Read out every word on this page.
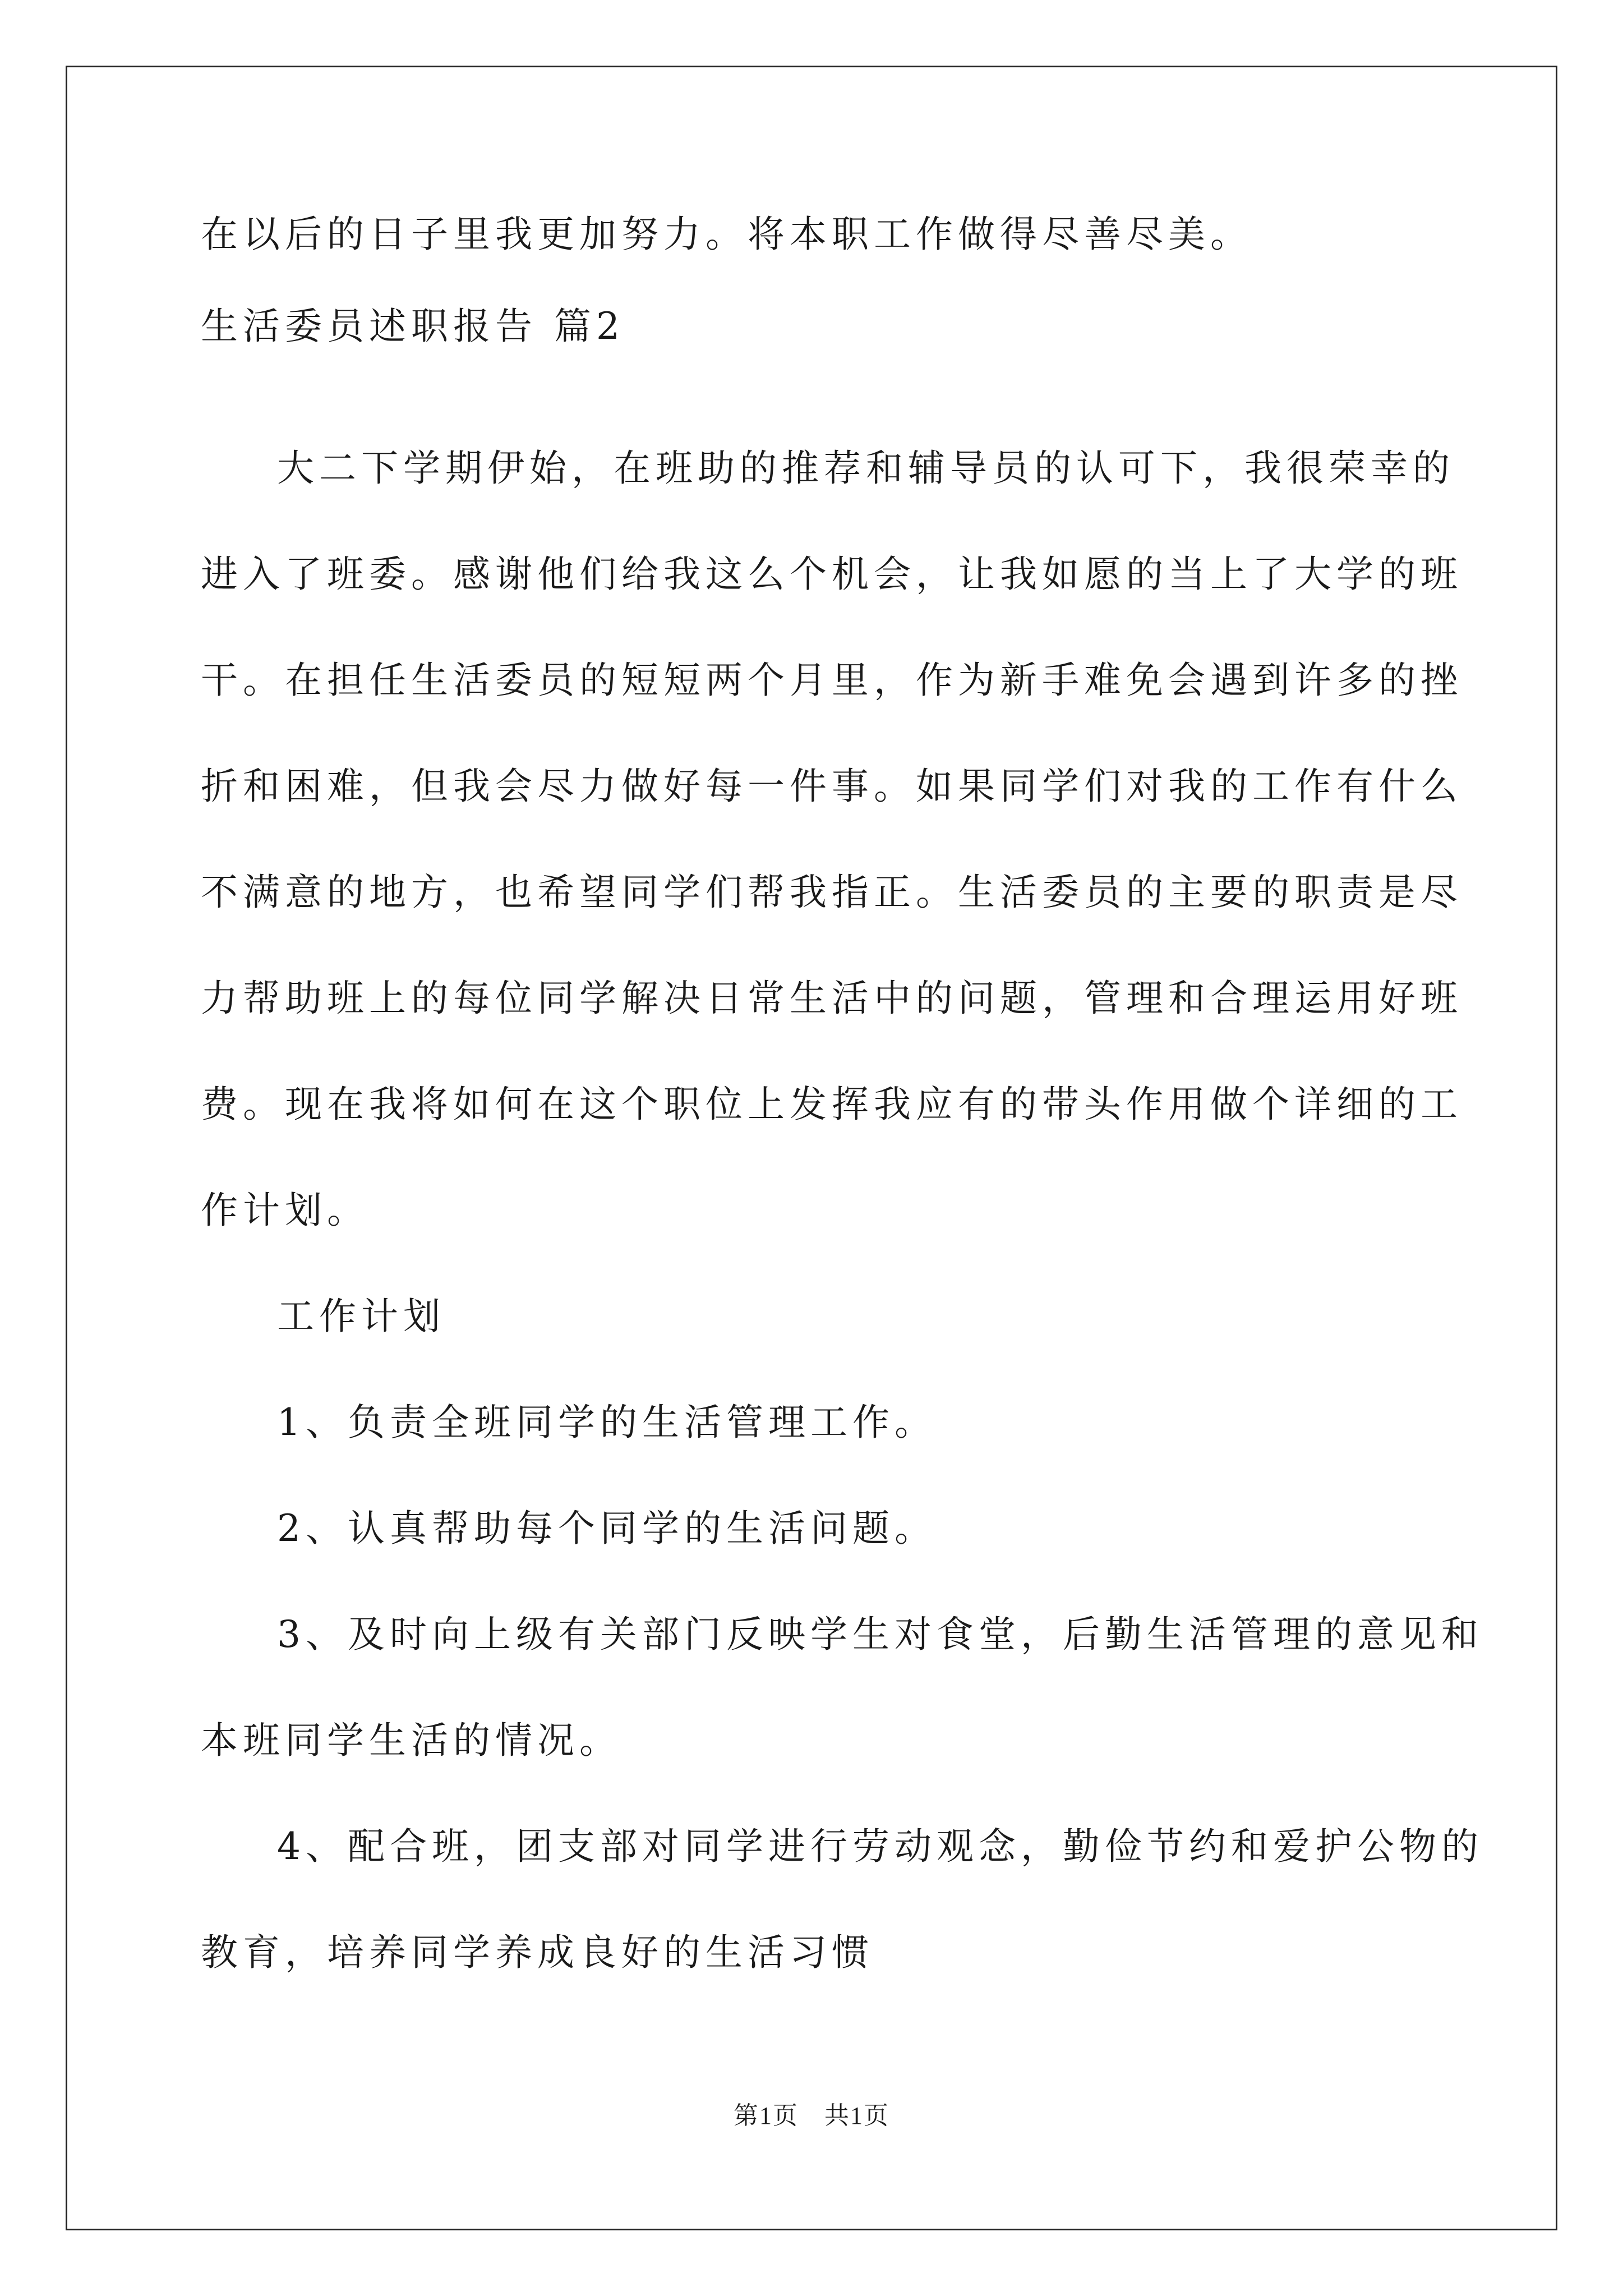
在以后的日子里我更加努力。将本职工作做得尽善尽美。

生活委员述职报告 篇2

大二下学期伊始，在班助的推荐和辅导员的认可下，我很荣幸的

进入了班委。感谢他们给我这么个机会，让我如愿的当上了大学的班

干。在担任生活委员的短短两个月里，作为新手难免会遇到许多的挫

折和困难，但我会尽力做好每一件事。如果同学们对我的工作有什么

不满意的地方，也希望同学们帮我指正。生活委员的主要的职责是尽

力帮助班上的每位同学解决日常生活中的问题，管理和合理运用好班

费。现在我将如何在这个职位上发挥我应有的带头作用做个详细的工

作计划。

工作计划

1、负责全班同学的生活管理工作。

2、认真帮助每个同学的生活问题。

3、及时向上级有关部门反映学生对食堂，后勤生活管理的意见和

本班同学生活的情况。

4、配合班，团支部对同学进行劳动观念，勤俭节约和爱护公物的

教育，培养同学养成良好的生活习惯

第1页　共1页
